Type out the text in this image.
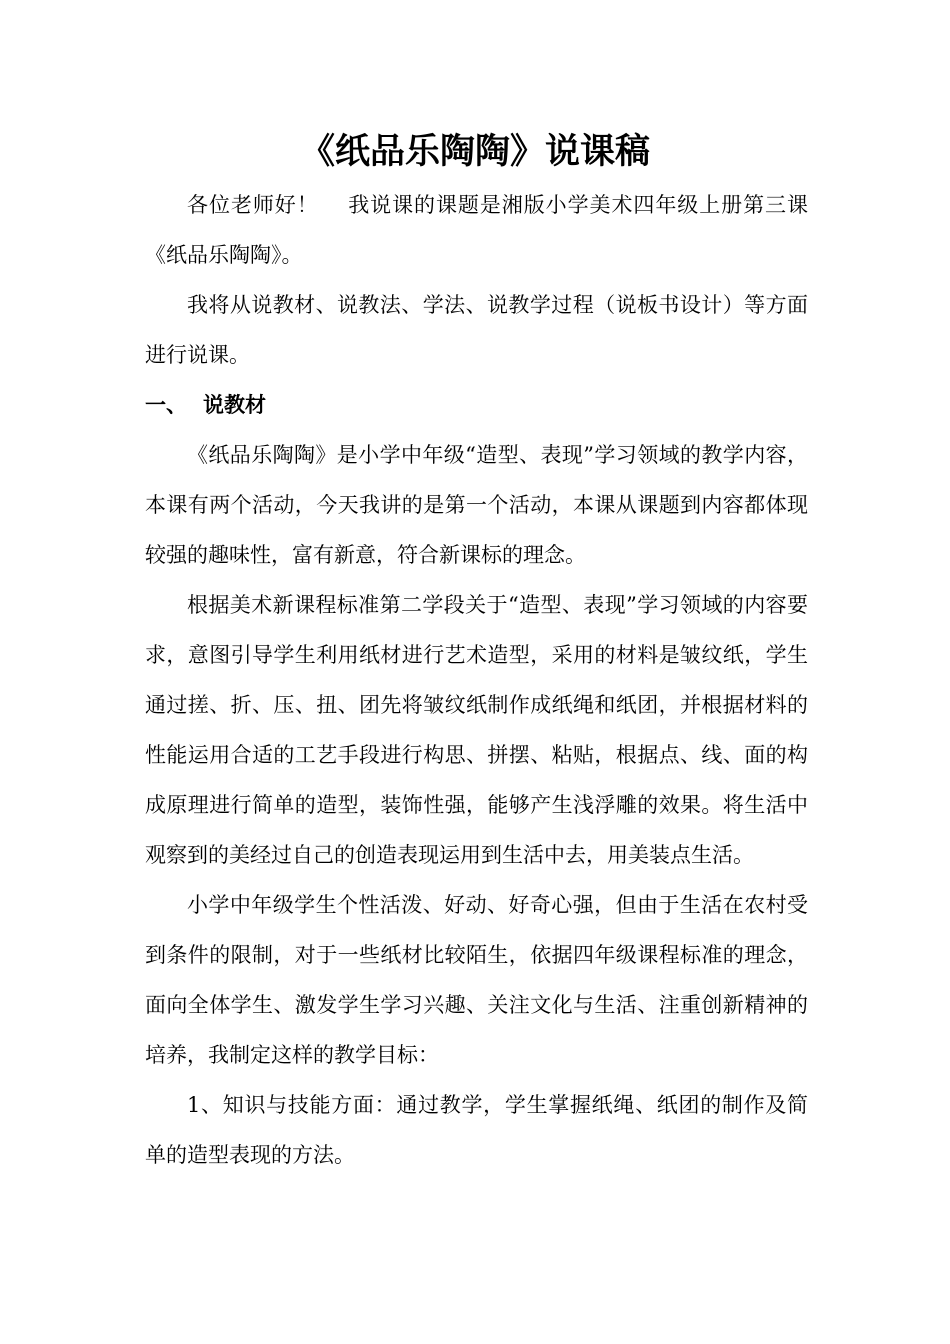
《纸品乐陶陶》说课稿

各位老师好！　 我说课的课题是湘版小学美术四年级上册第三课《纸品乐陶陶》。

我将从说教材、说教法、学法、说教学过程（说板书设计）等方面进行说课。

一、 说教材

《纸品乐陶陶》是小学中年级“造型、表现”学习领域的教学内容，本课有两个活动，今天我讲的是第一个活动，本课从课题到内容都体现较强的趣味性，富有新意，符合新课标的理念。

根据美术新课程标准第二学段关于“造型、表现”学习领域的内容要求，意图引导学生利用纸材进行艺术造型，采用的材料是皱纹纸，学生通过搓、折、压、扭、团先将皱纹纸制作成纸绳和纸团，并根据材料的性能运用合适的工艺手段进行构思、拼摆、粘贴，根据点、线、面的构成原理进行简单的造型，装饰性强，能够产生浅浮雕的效果。将生活中观察到的美经过自己的创造表现运用到生活中去，用美装点生活。

小学中年级学生个性活泼、好动、好奇心强，但由于生活在农村受到条件的限制，对于一些纸材比较陌生，依据四年级课程标准的理念，面向全体学生、激发学生学习兴趣、关注文化与生活、注重创新精神的培养，我制定这样的教学目标：

1、知识与技能方面：通过教学，学生掌握纸绳、纸团的制作及简单的造型表现的方法。
